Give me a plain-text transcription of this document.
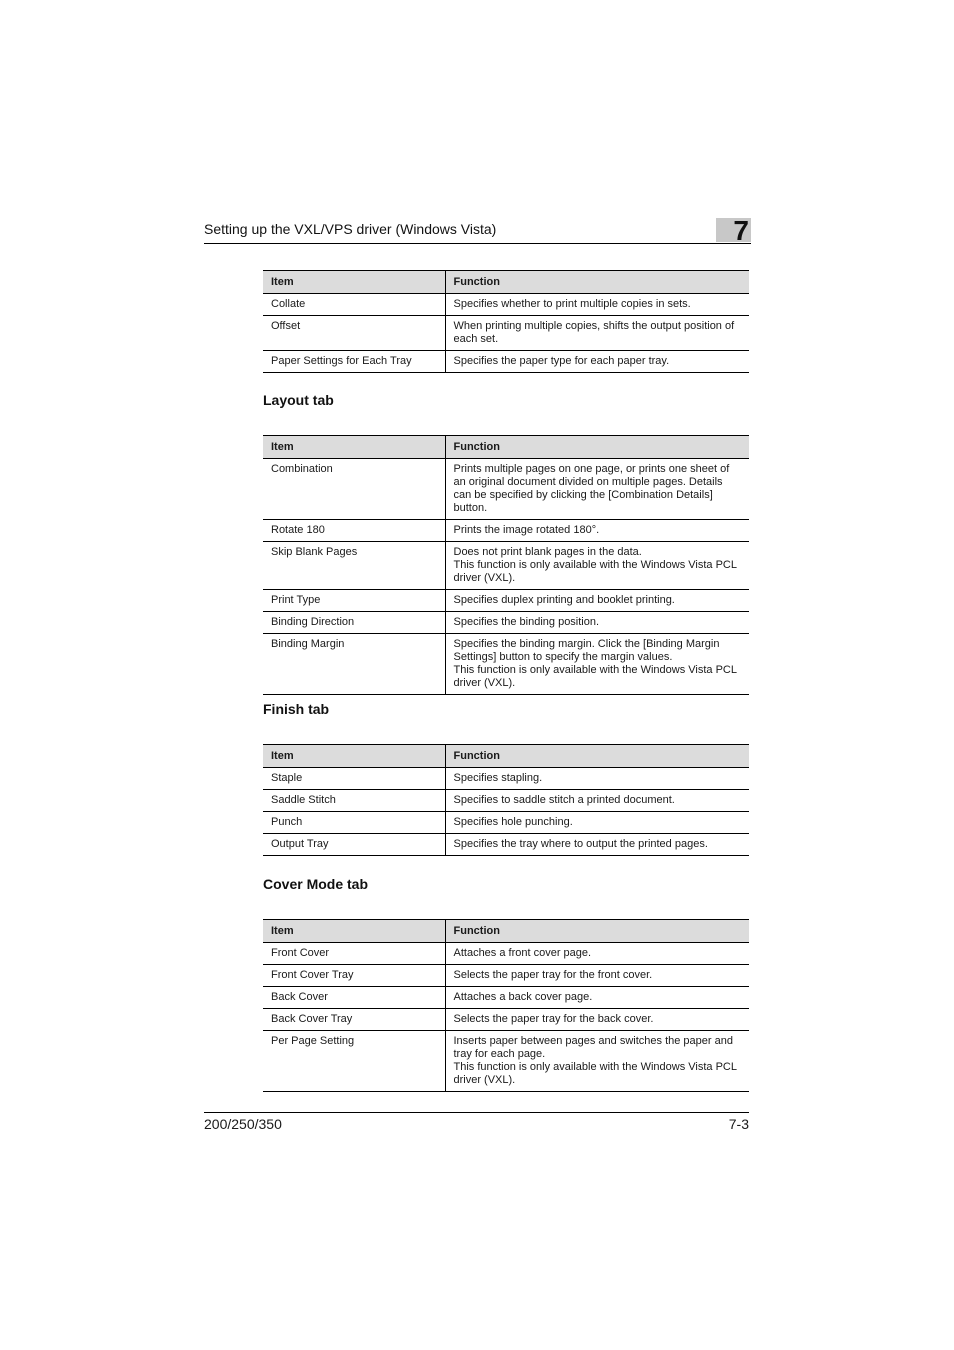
Setting up the VXL/VPS driver (Windows Vista)	7
Item	Function
Collate	Specifies whether to print multiple copies in sets.
Offset	When printing multiple copies, shifts the output position of each set.
Paper Settings for Each Tray	Specifies the paper type for each paper tray.
Layout tab
Item	Function
Combination	Prints multiple pages on one page, or prints one sheet of an original document divided on multiple pages. Details can be specified by clicking the [Combination Details] button.
Rotate 180	Prints the image rotated 180°.
Skip Blank Pages	Does not print blank pages in the data.
This function is only available with the Windows Vista PCL driver (VXL).
Print Type	Specifies duplex printing and booklet printing.
Binding Direction	Specifies the binding position.
Binding Margin	Specifies the binding margin. Click the [Binding Margin Settings] button to specify the margin values.
This function is only available with the Windows Vista PCL driver (VXL).
Finish tab
Item	Function
Staple	Specifies stapling.
Saddle Stitch	Specifies to saddle stitch a printed document.
Punch	Specifies hole punching.
Output Tray	Specifies the tray where to output the printed pages.
Cover Mode tab
Item	Function
Front Cover	Attaches a front cover page.
Front Cover Tray	Selects the paper tray for the front cover.
Back Cover	Attaches a back cover page.
Back Cover Tray	Selects the paper tray for the back cover.
Per Page Setting	Inserts paper between pages and switches the paper and tray for each page.
This function is only available with the Windows Vista PCL driver (VXL).
200/250/350	7-3
